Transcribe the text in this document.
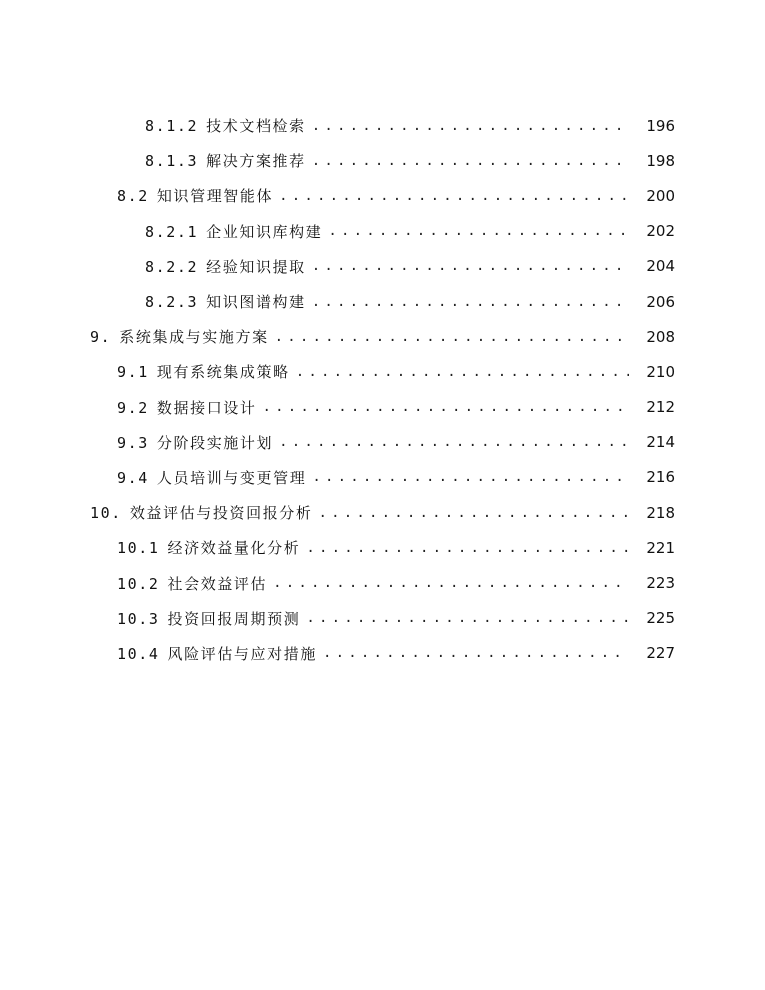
8.1.2 技术文档检索 .....	196
8.1.3 解决方案推荐 .....	198
8.2 知识管理智能体 .....	200
8.2.1 企业知识库构建 .....	202
8.2.2 经验知识提取 .....	204
8.2.3 知识图谱构建 .....	206
9. 系统集成与实施方案 .....	208
9.1 现有系统集成策略 .....	210
9.2 数据接口设计 .....	212
9.3 分阶段实施计划 .....	214
9.4 人员培训与变更管理 .....	216
10. 效益评估与投资回报分析 .....	218
10.1 经济效益量化分析 .....	221
10.2 社会效益评估 .....	223
10.3 投资回报周期预测 .....	225
10.4 风险评估与应对措施 .....	227
